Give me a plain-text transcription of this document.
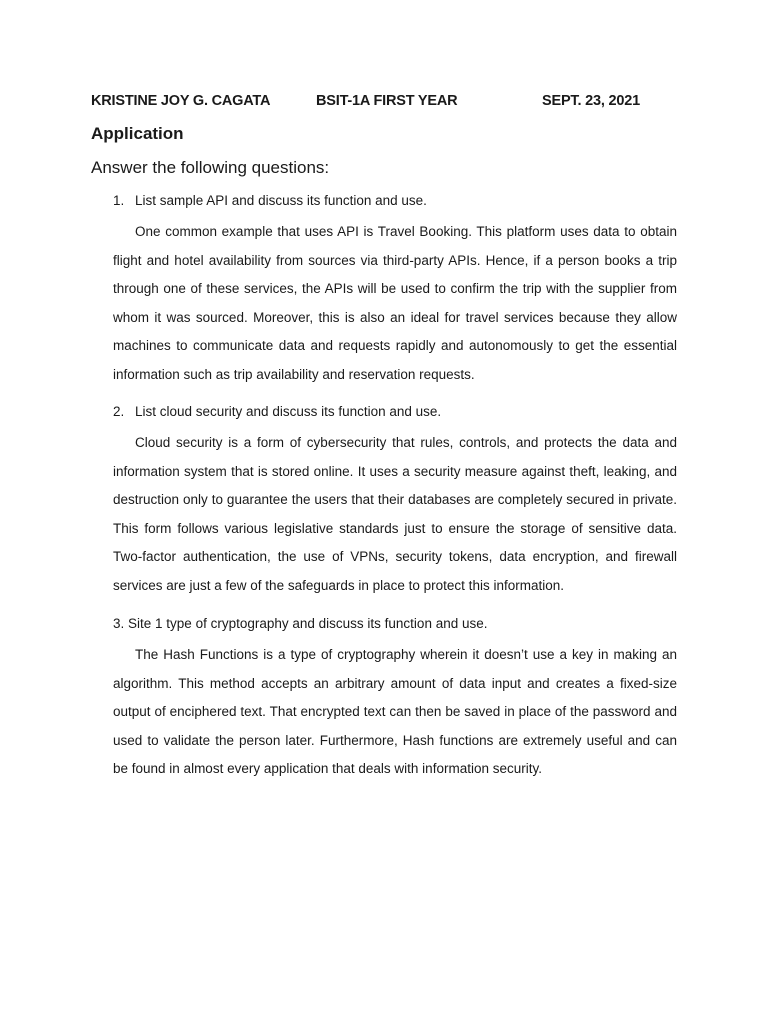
KRISTINE JOY G. CAGATA	BSIT-1A FIRST YEAR	SEPT. 23, 2021
Application
Answer the following questions:
1. List sample API and discuss its function and use.

One common example that uses API is Travel Booking. This platform uses data to obtain flight and hotel availability from sources via third-party APIs. Hence, if a person books a trip through one of these services, the APIs will be used to confirm the trip with the supplier from whom it was sourced. Moreover, this is also an ideal for travel services because they allow machines to communicate data and requests rapidly and autonomously to get the essential information such as trip availability and reservation requests.

2. List cloud security and discuss its function and use.

Cloud security is a form of cybersecurity that rules, controls, and protects the data and information system that is stored online. It uses a security measure against theft, leaking, and destruction only to guarantee the users that their databases are completely secured in private. This form follows various legislative standards just to ensure the storage of sensitive data. Two-factor authentication, the use of VPNs, security tokens, data encryption, and firewall services are just a few of the safeguards in place to protect this information.

3. Site 1 type of cryptography and discuss its function and use.

The Hash Functions is a type of cryptography wherein it doesn’t use a key in making an algorithm. This method accepts an arbitrary amount of data input and creates a fixed-size output of enciphered text. That encrypted text can then be saved in place of the password and used to validate the person later. Furthermore, Hash functions are extremely useful and can be found in almost every application that deals with information security.
